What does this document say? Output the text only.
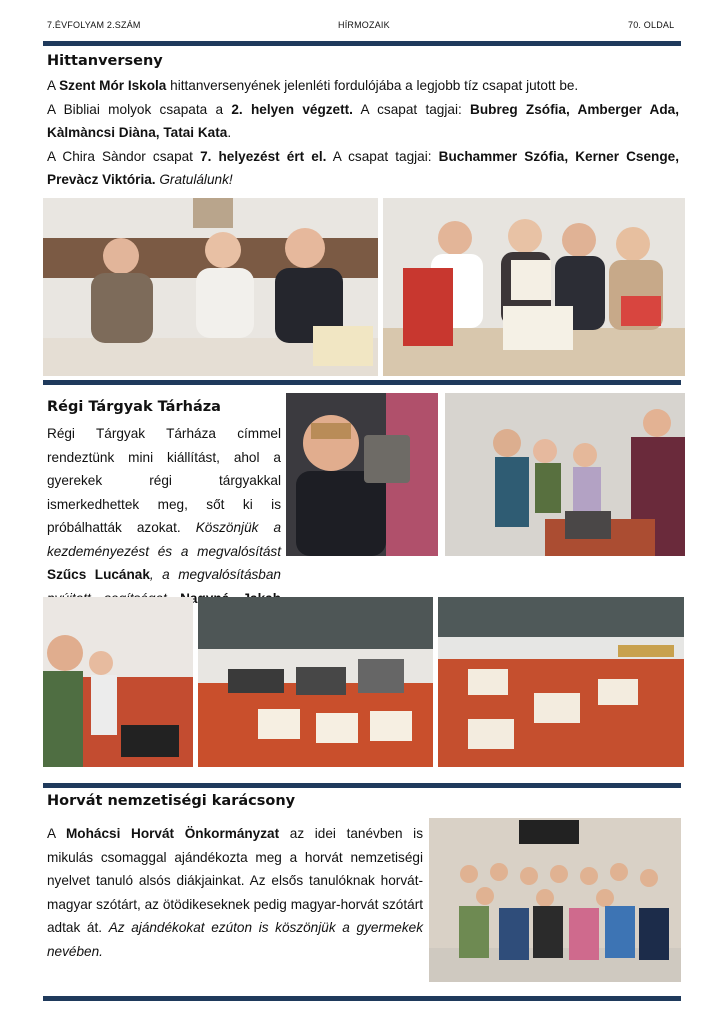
7.ÉVFOLYAM 2.SZÁM	HÍRMOZAIK	70. OLDAL
Hittanverseny
A Szent Mór Iskola hittanversenyének jelenléti fordulójába a legjobb tíz csapat jutott be.
A Bibliai molyok csapata a 2. helyen végzett. A csapat tagjai: Bubreg Zsófia, Amberger Ada, Kàlmàncsi Diàna, Tatai Kata.
A Chira Sàndor csapat 7. helyezést ért el. A csapat tagjai: Buchammer Szófia, Kerner Csenge, Prevàcz Viktória. Gratulálunk!
Régi Tárgyak Tárháza
Régi Tárgyak Tárháza címmel rendeztünk mini kiállítást, ahol a gyerekek régi tárgyakkal ismerkedhettek meg, sőt ki is próbálhatták azokat. Köszönjük a kezdeményezést és a megvalósítást Szűcs Lucának, a megvalósításban
Horvát nemzetiségi karácsony
A Mohácsi Horvát Önkormányzat az idei tanévben is mikulás csomaggal ajándékozta meg a horvát nemzetiségi nyelvet tanuló alsós diákjainkat. Az elsős tanulóknak horvát-magyar szótárt, az ötödikeseknek pedig magyar-horvát szótárt adtak át. Az ajándékokat ezúton is köszönjük a gyermekek nevében.
